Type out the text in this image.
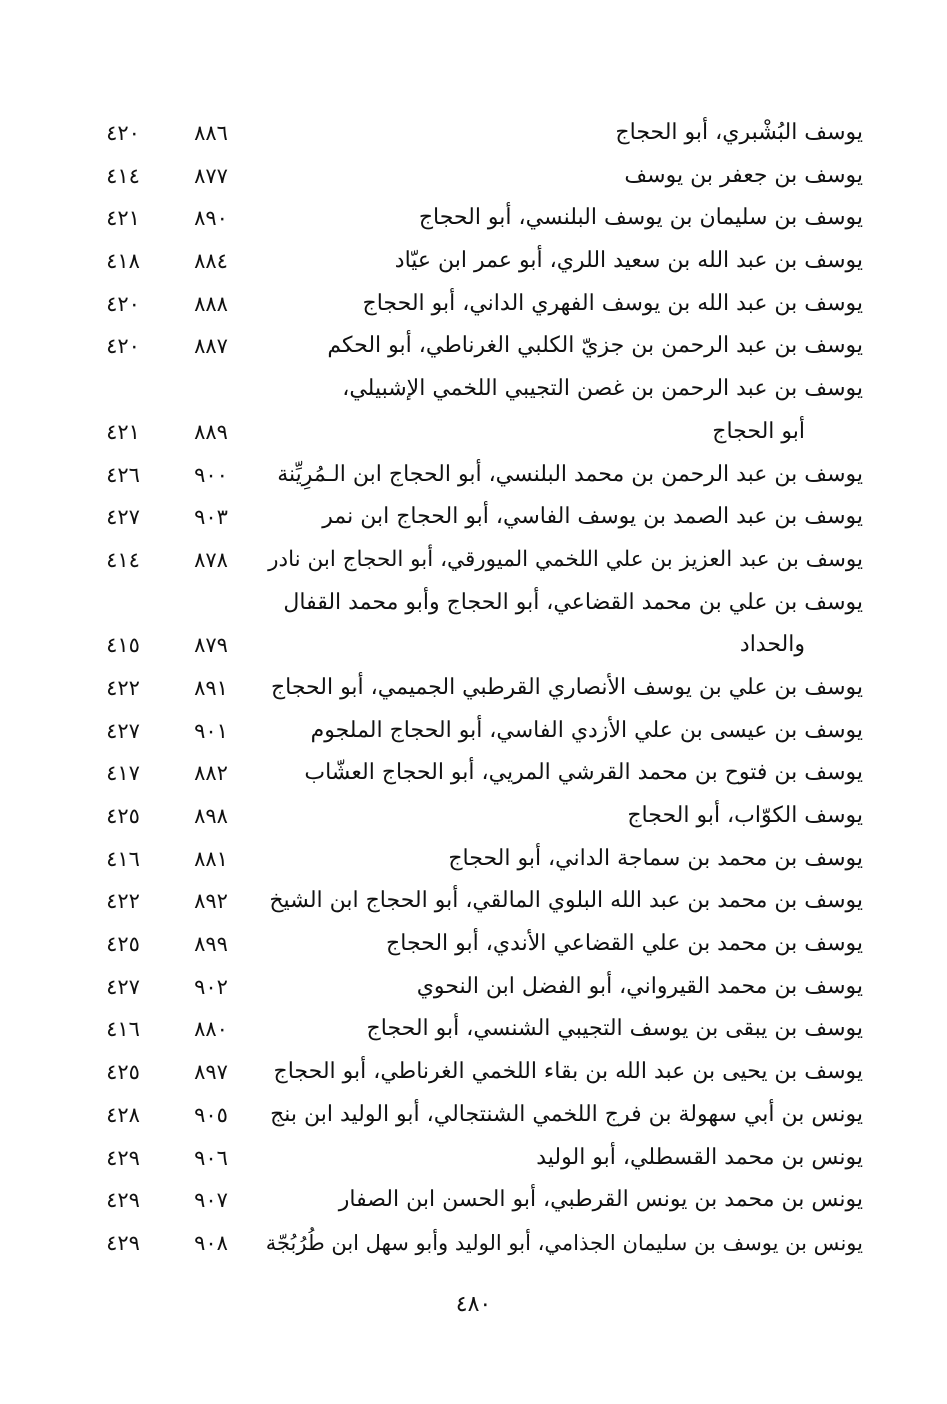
يوسف البُشْبري، أبو الحجاج
٨٨٦
٤٢٠
يوسف بن جعفر بن يوسف
٨٧٧
٤١٤
يوسف بن سليمان بن يوسف البلنسي، أبو الحجاج
٨٩٠
٤٢١
يوسف بن عبد الله بن سعيد اللري، أبو عمر ابن عيّاد
٨٨٤
٤١٨
يوسف بن عبد الله بن يوسف الفهري الداني، أبو الحجاج
٨٨٨
٤٢٠
يوسف بن عبد الرحمن بن جزيّ الكلبي الغرناطي، أبو الحكم
٨٨٧
٤٢٠
يوسف بن عبد الرحمن بن غصن التجيبي اللخمي الإشبيلي،
أبو الحجاج
٨٨٩
٤٢١
يوسف بن عبد الرحمن بن محمد البلنسي، أبو الحجاج ابن الـمُرِيِّنة
٩٠٠
٤٢٦
يوسف بن عبد الصمد بن يوسف الفاسي، أبو الحجاج ابن نمر
٩٠٣
٤٢٧
يوسف بن عبد العزيز بن علي اللخمي الميورقي، أبو الحجاج ابن نادر
٨٧٨
٤١٤
يوسف بن علي بن محمد القضاعي، أبو الحجاج وأبو محمد القفال
والحداد
٨٧٩
٤١٥
يوسف بن علي بن يوسف الأنصاري القرطبي الجميمي، أبو الحجاج
٨٩١
٤٢٢
يوسف بن عيسى بن علي الأزدي الفاسي، أبو الحجاج الملجوم
٩٠١
٤٢٧
يوسف بن فتوح بن محمد القرشي المريي، أبو الحجاج العشّاب
٨٨٢
٤١٧
يوسف الكوّاب، أبو الحجاج
٨٩٨
٤٢٥
يوسف بن محمد بن سماجة الداني، أبو الحجاج
٨٨١
٤١٦
يوسف بن محمد بن عبد الله البلوي المالقي، أبو الحجاج ابن الشيخ
٨٩٢
٤٢٢
يوسف بن محمد بن علي القضاعي الأندي، أبو الحجاج
٨٩٩
٤٢٥
يوسف بن محمد القيرواني، أبو الفضل ابن النحوي
٩٠٢
٤٢٧
يوسف بن يبقى بن يوسف التجيبي الشنسي، أبو الحجاج
٨٨٠
٤١٦
يوسف بن يحيى بن عبد الله بن بقاء اللخمي الغرناطي، أبو الحجاج
٨٩٧
٤٢٥
يونس بن أبي سهولة بن فرج اللخمي الشنتجالي، أبو الوليد ابن بنج
٩٠٥
٤٢٨
يونس بن محمد القسطلي، أبو الوليد
٩٠٦
٤٢٩
يونس بن محمد بن يونس القرطبي، أبو الحسن ابن الصفار
٩٠٧
٤٢٩
يونس بن يوسف بن سليمان الجذامي، أبو الوليد وأبو سهل ابن طُرُبُجّة
٩٠٨
٤٢٩
٤٨٠
